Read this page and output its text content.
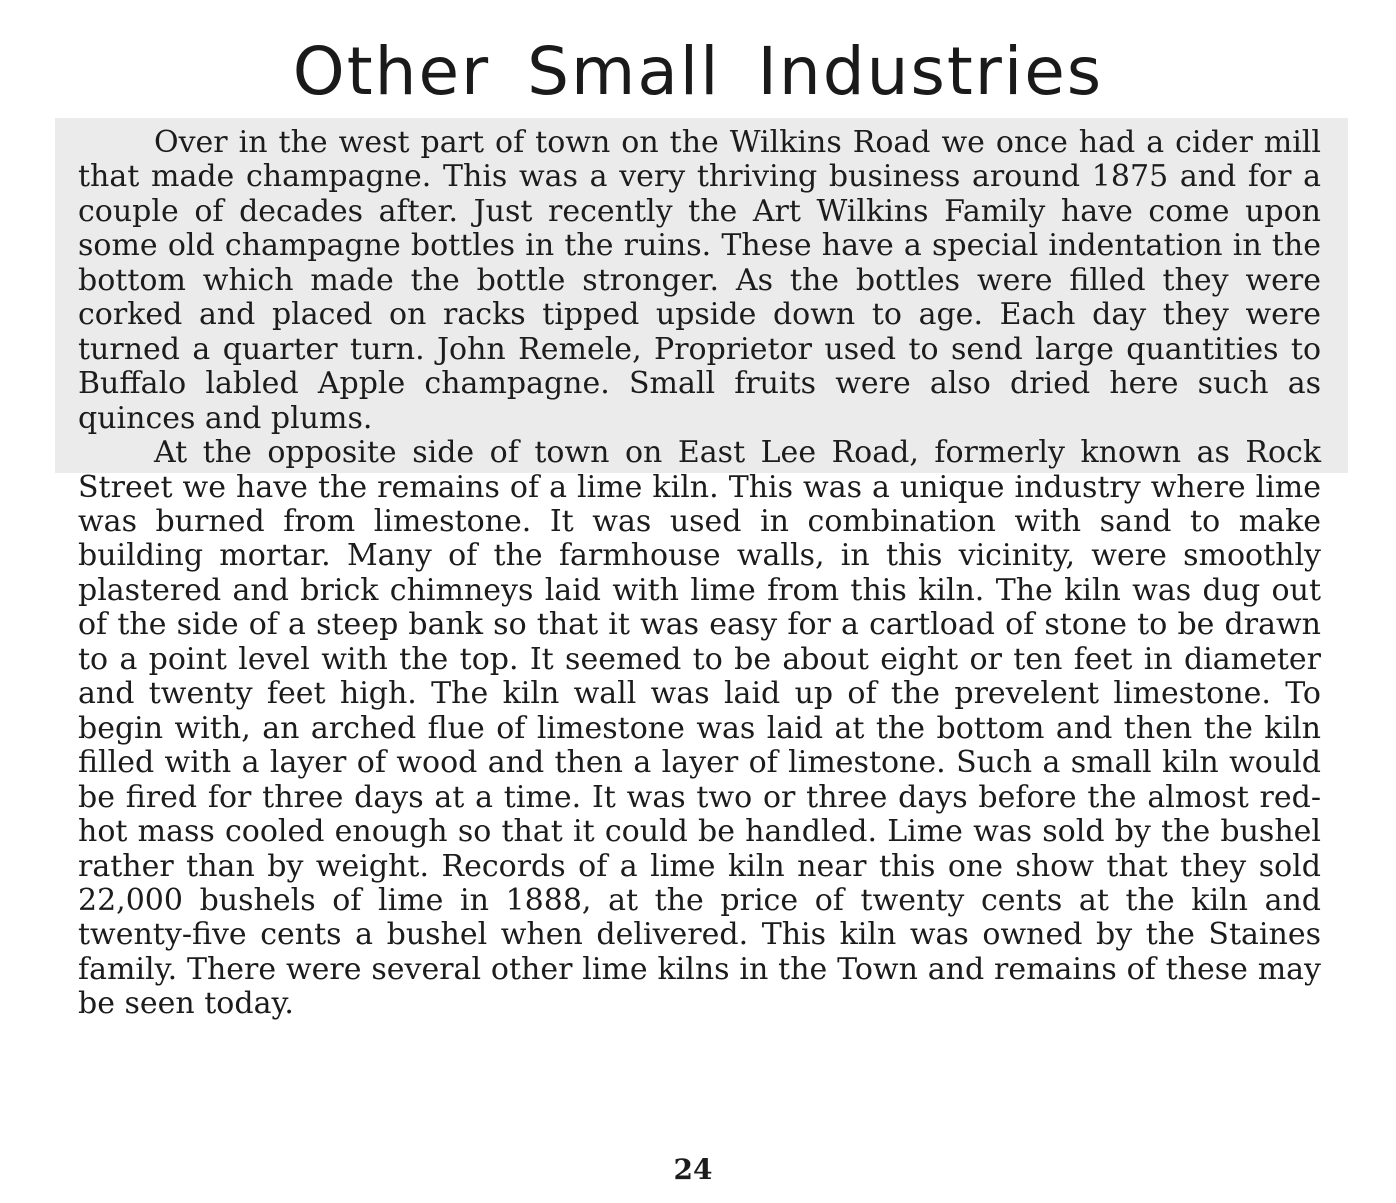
Other Small Industries

Over in the west part of town on the Wilkins Road we once had a cider mill that made champagne. This was a very thriving business around 1875 and for a couple of decades after. Just recently the Art Wilkins Family have come upon some old champagne bottles in the ruins. These have a special indentation in the bottom which made the bottle stronger. As the bottles were filled they were corked and placed on racks tipped upside down to age. Each day they were turned a quarter turn. John Remele, Proprietor used to send large quantities to Buffalo labled Apple champagne. Small fruits were also dried here such as quinces and plums.

At the opposite side of town on East Lee Road, formerly known as Rock Street we have the remains of a lime kiln. This was a unique industry where lime was burned from limestone. It was used in combination with sand to make building mortar. Many of the farmhouse walls, in this vicinity, were smoothly plastered and brick chimneys laid with lime from this kiln. The kiln was dug out of the side of a steep bank so that it was easy for a cartload of stone to be drawn to a point level with the top. It seemed to be about eight or ten feet in diameter and twenty feet high. The kiln wall was laid up of the prevelent limestone. To begin with, an arched flue of limestone was laid at the bottom and then the kiln filled with a layer of wood and then a layer of limestone. Such a small kiln would be fired for three days at a time. It was two or three days before the almost red-hot mass cooled enough so that it could be handled. Lime was sold by the bushel rather than by weight. Records of a lime kiln near this one show that they sold 22,000 bushels of lime in 1888, at the price of twenty cents at the kiln and twenty-five cents a bushel when delivered. This kiln was owned by the Staines family. There were several other lime kilns in the Town and remains of these may be seen today.

24
